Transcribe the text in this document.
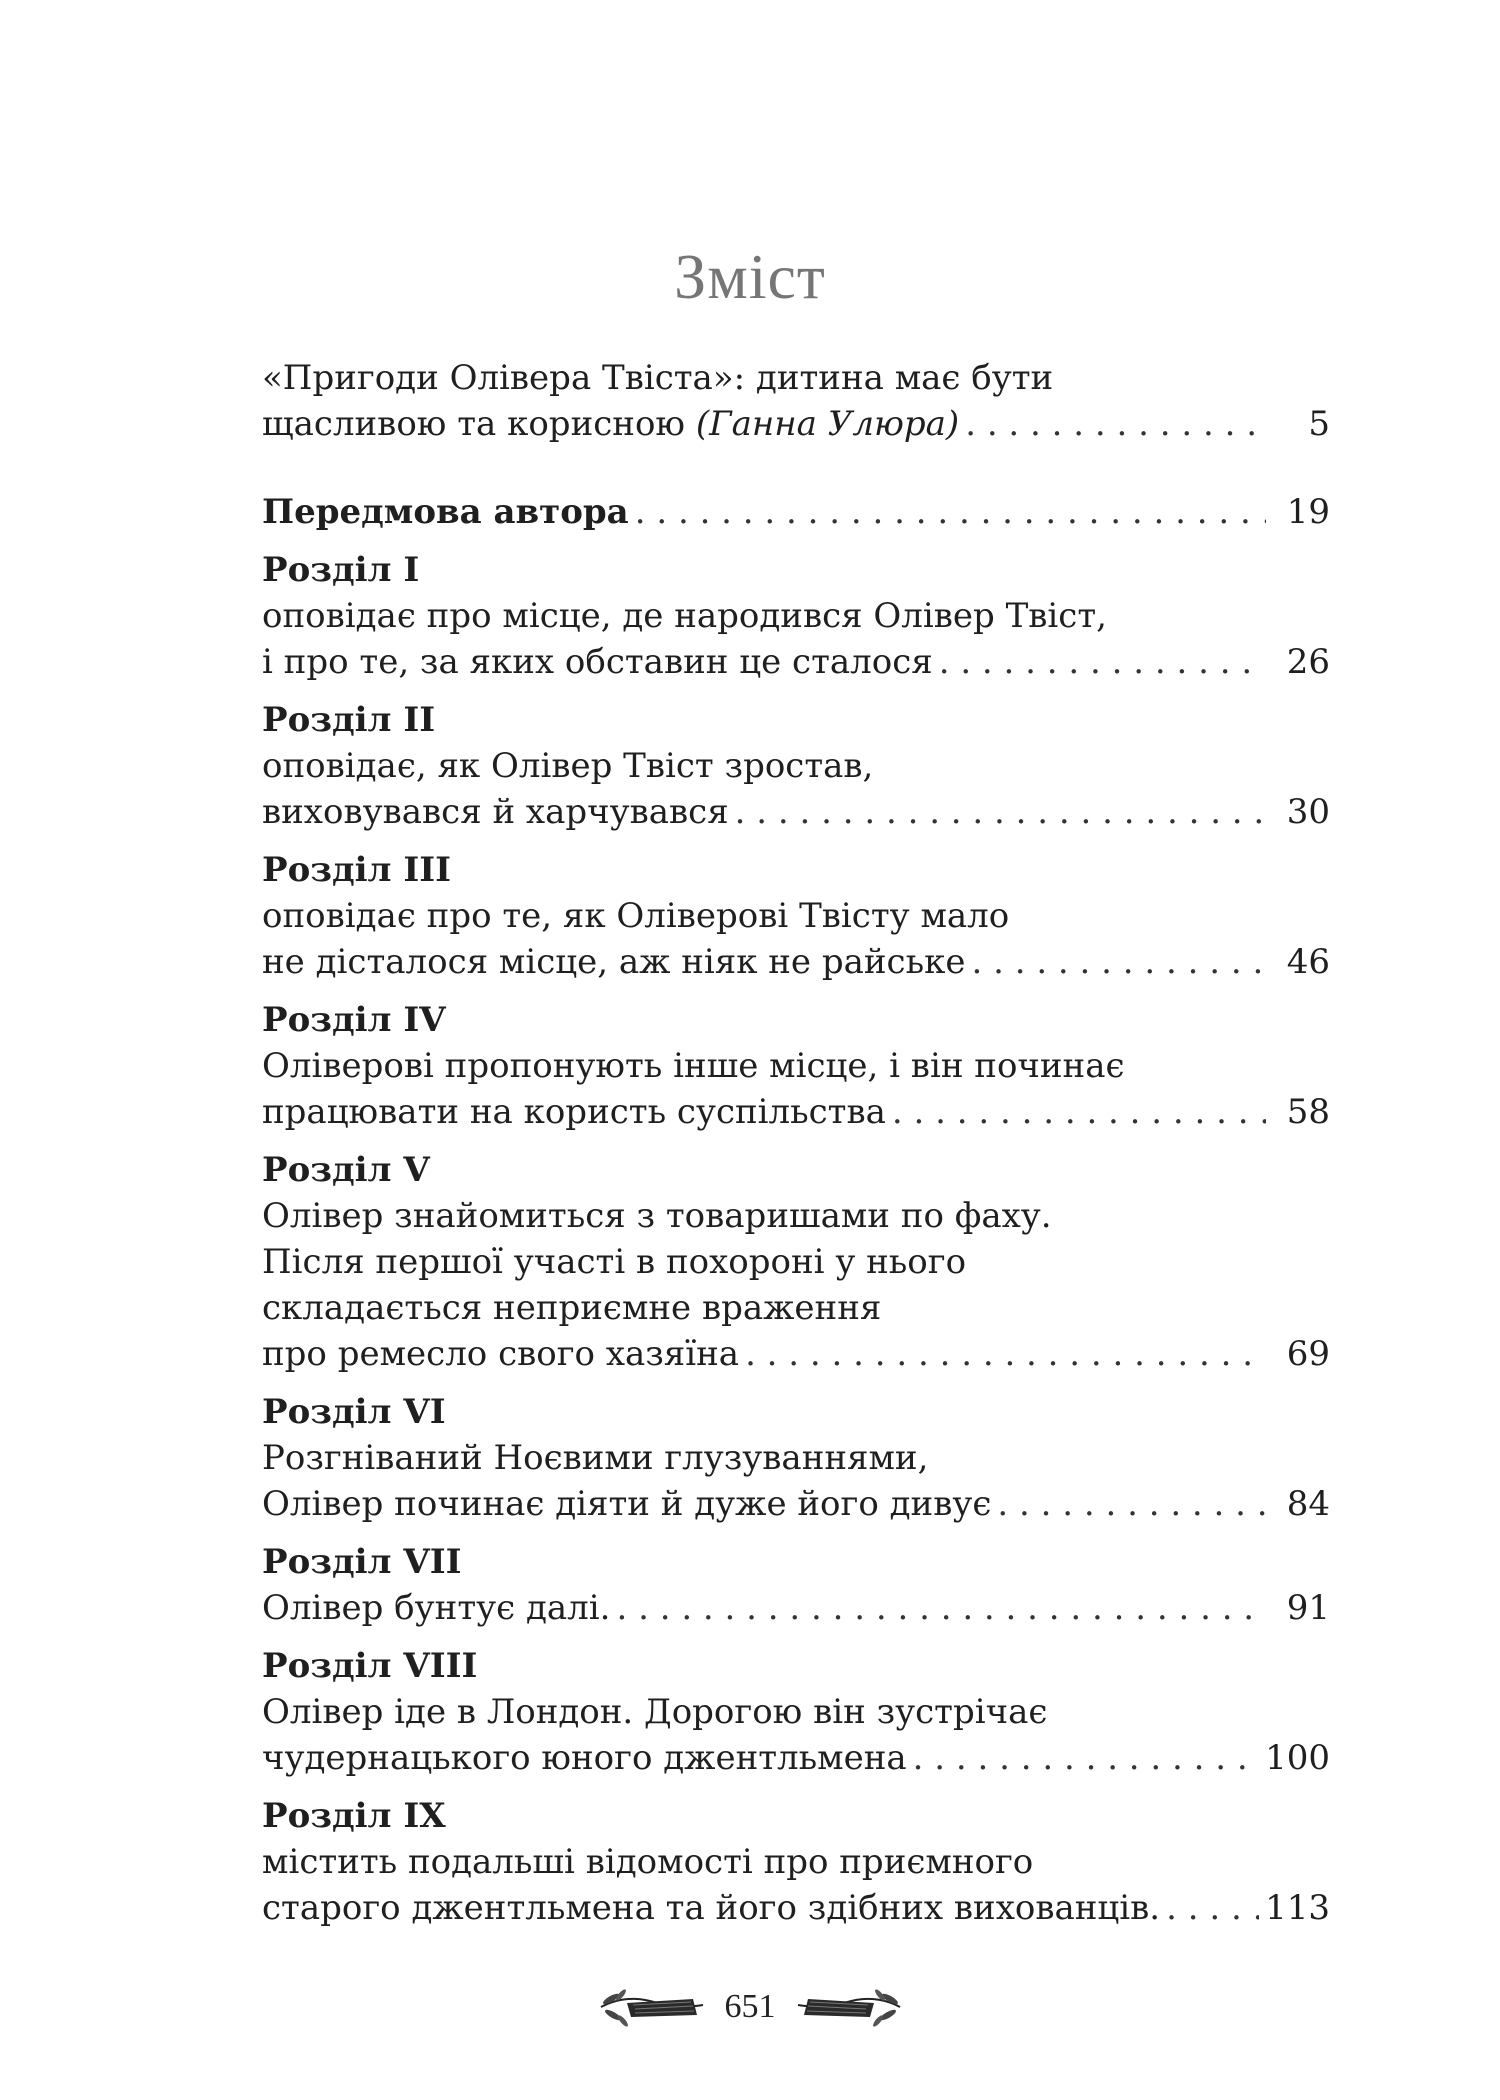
Зміст
«Пригоди Олівера Твіста»: дитина має бути
щасливою та корисною (Ганна Улюра) . . .	5
Передмова автора . . .	19
Розділ I
оповідає про місце, де народився Олівер Твіст,
і про те, за яких обставин це сталося . . .	26
Розділ II
оповідає, як Олівер Твіст зростав,
виховувався й харчувався . . .	30
Розділ III
оповідає про те, як Оліверові Твісту мало
не дісталося місце, аж ніяк не райське . . .	46
Розділ IV
Оліверові пропонують інше місце, і він починає
працювати на користь суспільства . . .	58
Розділ V
Олівер знайомиться з товаришами по фаху.
Після першої участі в похороні у нього
складається неприємне враження
про ремесло свого хазяїна . . .	69
Розділ VI
Розгніваний Ноєвими глузуваннями,
Олівер починає діяти й дуже його дивує . . .	84
Розділ VII
Олівер бунтує далі. . . .	91
Розділ VIII
Олівер іде в Лондон. Дорогою він зустрічає
чудернацького юного джентльмена . . .	100
Розділ IX
містить подальші відомості про приємного
старого джентльмена та його здібних вихованців. . . .	113
651
